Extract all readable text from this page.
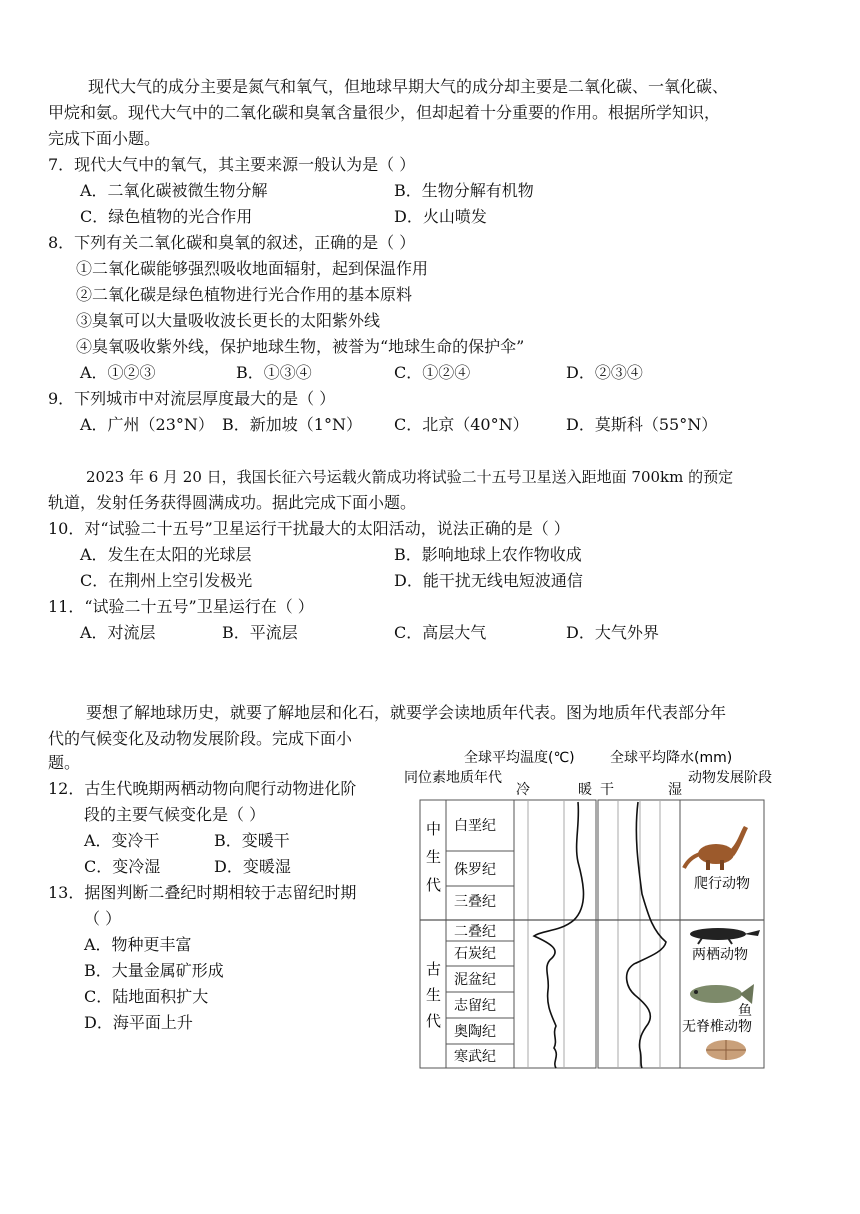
现代大气的成分主要是氮气和氧气，但地球早期大气的成分却主要是二氧化碳、一氧化碳、
甲烷和氨。现代大气中的二氧化碳和臭氧含量很少，但却起着十分重要的作用。根据所学知识，
完成下面小题。
7．现代大气中的氧气，其主要来源一般认为是（ ）
A．二氧化碳被微生物分解	B．生物分解有机物
C．绿色植物的光合作用	D．火山喷发
8．下列有关二氧化碳和臭氧的叙述，正确的是（ ）
①二氧化碳能够强烈吸收地面辐射，起到保温作用
②二氧化碳是绿色植物进行光合作用的基本原料
③臭氧可以大量吸收波长更长的太阳紫外线
④臭氧吸收紫外线，保护地球生物，被誉为“地球生命的保护伞”
A．①②③	B．①③④	C．①②④	D．②③④
9．下列城市中对流层厚度最大的是（ ）
A．广州（23°N） B．新加坡（1°N） C．北京（40°N） D．莫斯科（55°N）
2023 年 6 月 20 日，我国长征六号运载火箭成功将试验二十五号卫星送入距地面 700km 的预定
轨道，发射任务获得圆满成功。据此完成下面小题。
10．对“试验二十五号”卫星运行干扰最大的太阳活动，说法正确的是（ ）
A．发生在太阳的光球层	B．影响地球上农作物收成
C．在荆州上空引发极光	D．能干扰无线电短波通信
11．“试验二十五号”卫星运行在（ ）
A．对流层	B．平流层	C．高层大气	D．大气外界
要想了解地球历史，就要了解地层和化石，就要学会读地质年代表。图为地质年代表部分年
代的气候变化及动物发展阶段。完成下面小
题。
12．古生代晚期两栖动物向爬行动物进化阶
段的主要气候变化是（ ）
A．变冷干	B．变暖干
C．变冷湿	D．变暖湿
13．据图判断二叠纪时期相较于志留纪时期
（ ）
A．物种更丰富
B．大量金属矿形成
C．陆地面积扩大
D．海平面上升
全球平均温度(℃)	全球平均降水(mm)
同位素地质年代	动物发展阶段
冷	暖 干	湿
中
生
代
古
生
代
白垩纪
侏罗纪
三叠纪
二叠纪
石炭纪
泥盆纪
志留纪
奥陶纪
寒武纪
爬行动物
两栖动物
鱼
无脊椎动物
